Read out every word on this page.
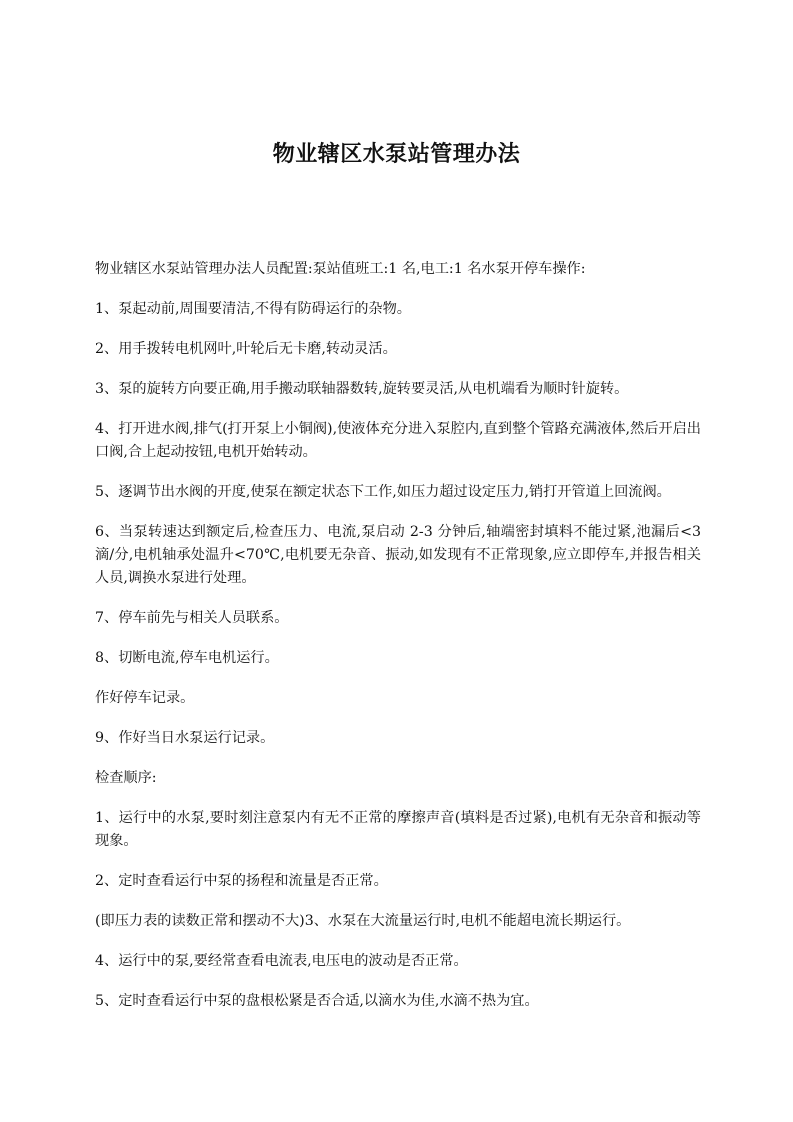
物业辖区水泵站管理办法

物业辖区水泵站管理办法人员配置:泵站值班工:1 名,电工:1 名水泵开停车操作:

1、泵起动前,周围要清洁,不得有防碍运行的杂物。

2、用手拨转电机网叶,叶轮后无卡磨,转动灵活。

3、泵的旋转方向要正确,用手搬动联轴器数转,旋转要灵活,从电机端看为顺时针旋转。

4、打开进水阀,排气(打开泵上小铜阀),使液体充分进入泵腔内,直到整个管路充满液体,然后开启出口阀,合上起动按钮,电机开始转动。

5、逐调节出水阀的开度,使泵在额定状态下工作,如压力超过设定压力,销打开管道上回流阀。

6、当泵转速达到额定后,检查压力、电流,泵启动 2-3 分钟后,轴端密封填料不能过紧,池漏后<3 滴/分,电机轴承处温升<70℃,电机要无杂音、振动,如发现有不正常现象,应立即停车,并报告相关人员,调换水泵进行处理。

7、停车前先与相关人员联系。

8、切断电流,停车电机运行。

作好停车记录。

9、作好当日水泵运行记录。

检查顺序:

1、运行中的水泵,要时刻注意泵内有无不正常的摩擦声音(填料是否过紧),电机有无杂音和振动等现象。

2、定时查看运行中泵的扬程和流量是否正常。

(即压力表的读数正常和摆动不大)3、水泵在大流量运行时,电机不能超电流长期运行。

4、运行中的泵,要经常查看电流表,电压电的波动是否正常。

5、定时查看运行中泵的盘根松紧是否合适,以滴水为佳,水滴不热为宜。
